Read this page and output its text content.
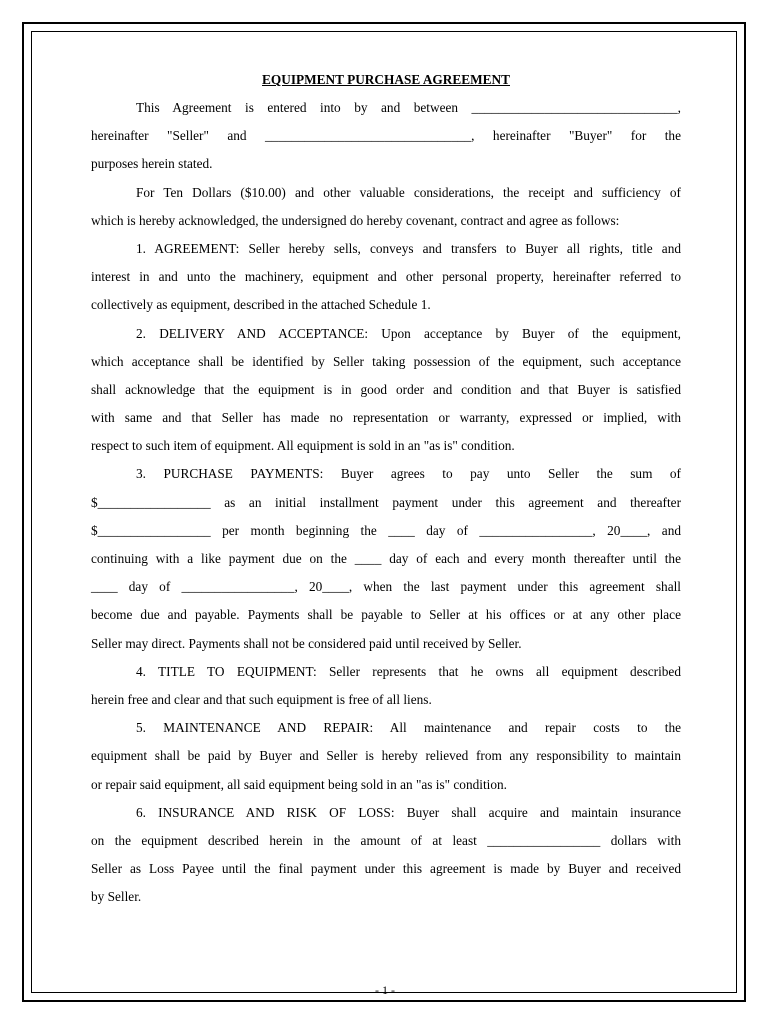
EQUIPMENT PURCHASE AGREEMENT
This Agreement is entered into by and between _______________________________,
hereinafter "Seller" and _______________________________, hereinafter "Buyer" for the
purposes herein stated.
For Ten Dollars ($10.00) and other valuable considerations, the receipt and sufficiency of
which is hereby acknowledged, the undersigned do hereby covenant, contract and agree as follows:
1. AGREEMENT: Seller hereby sells, conveys and transfers to Buyer all rights, title and
interest in and unto the machinery, equipment and other personal property, hereinafter referred to
collectively as equipment, described in the attached Schedule 1.
2. DELIVERY AND ACCEPTANCE: Upon acceptance by Buyer of the equipment,
which acceptance shall be identified by Seller taking possession of the equipment, such acceptance
shall acknowledge that the equipment is in good order and condition and that Buyer is satisfied
with same and that Seller has made no representation or warranty, expressed or implied, with
respect to such item of equipment. All equipment is sold in an "as is" condition.
3. PURCHASE PAYMENTS: Buyer agrees to pay unto Seller the sum of
$_________________ as an initial installment payment under this agreement and thereafter
$_________________ per month beginning the ____ day of _________________, 20____, and
continuing with a like payment due on the ____ day of each and every month thereafter until the
____ day of _________________, 20____, when the last payment under this agreement shall
become due and payable. Payments shall be payable to Seller at his offices or at any other place
Seller may direct. Payments shall not be considered paid until received by Seller.
4. TITLE TO EQUIPMENT: Seller represents that he owns all equipment described
herein free and clear and that such equipment is free of all liens.
5. MAINTENANCE AND REPAIR: All maintenance and repair costs to the
equipment shall be paid by Buyer and Seller is hereby relieved from any responsibility to maintain
or repair said equipment, all said equipment being sold in an "as is" condition.
6. INSURANCE AND RISK OF LOSS: Buyer shall acquire and maintain insurance
on the equipment described herein in the amount of at least _________________ dollars with
Seller as Loss Payee until the final payment under this agreement is made by Buyer and received
by Seller.
- 1 -
